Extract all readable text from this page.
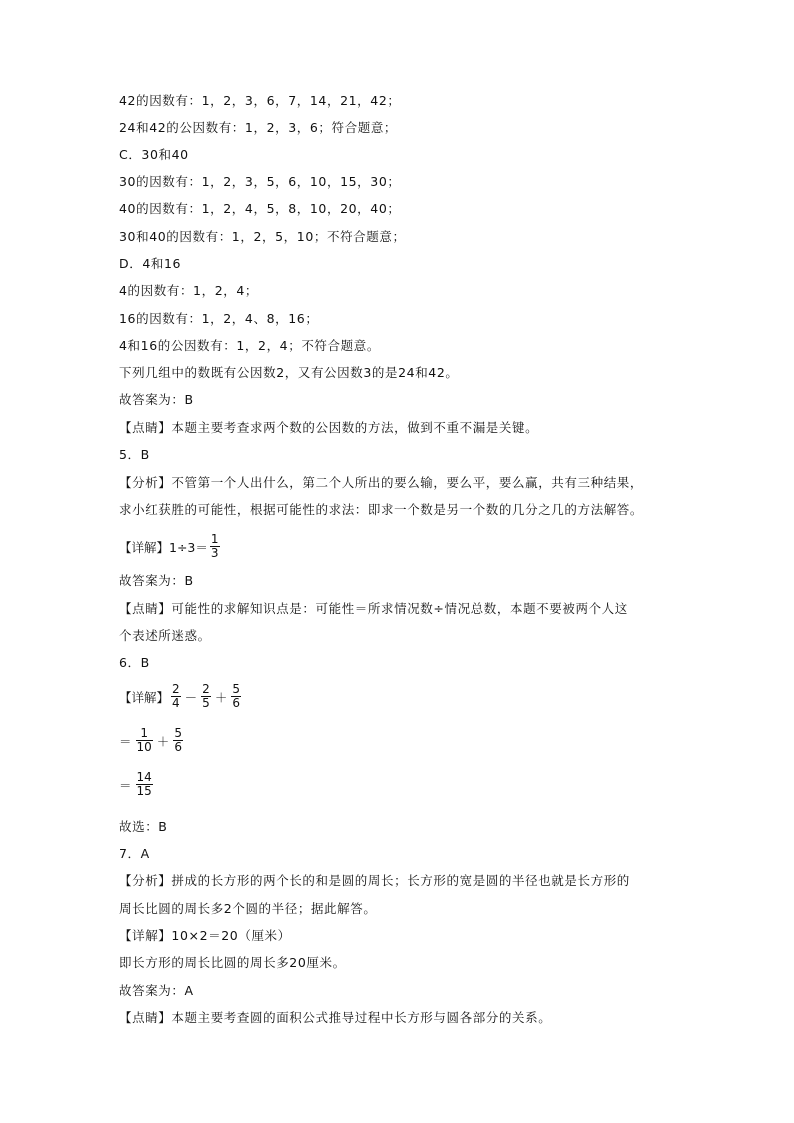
42的因数有：1，2，3，6，7，14，21，42；
24和42的公因数有：1，2，3，6；符合题意；
C．30和40
30的因数有：1，2，3，5，6，10，15，30；
40的因数有：1，2，4，5，8，10，20，40；
30和40的因数有：1，2，5，10；不符合题意；
D．4和16
4的因数有：1，2，4；
16的因数有：1，2，4、8，16；
4和16的公因数有：1，2，4；不符合题意。
下列几组中的数既有公因数2，又有公因数3的是24和42。
故答案为：B
【点睛】本题主要考查求两个数的公因数的方法，做到不重不漏是关键。
5．B
【分析】不管第一个人出什么，第二个人所出的要么输，要么平，要么赢，共有三种结果，
求小红获胜的可能性，根据可能性的求法：即求一个数是另一个数的几分之几的方法解答。
【详解】$1\div 3= \frac{1}{3}$
故答案为：B
【点睛】可能性的求解知识点是：可能性＝所求情况数÷情况总数，本题不要被两个人这
个表述所迷惑。
6．B
【详解】 $\frac{2}{4} - \frac{2}{5} + \frac{5}{6}$
＝ $\frac{1}{10} + \frac{5}{6}$
＝ $\frac{14}{15}$
故选：B
7．A
【分析】拼成的长方形的两个长的和是圆的周长；长方形的宽是圆的半径也就是长方形的
周长比圆的周长多2个圆的半径；据此解答。
【详解】10×2＝20（厘米）
即长方形的周长比圆的周长多20厘米。
故答案为：A
【点睛】本题主要考查圆的面积公式推导过程中长方形与圆各部分的关系。
